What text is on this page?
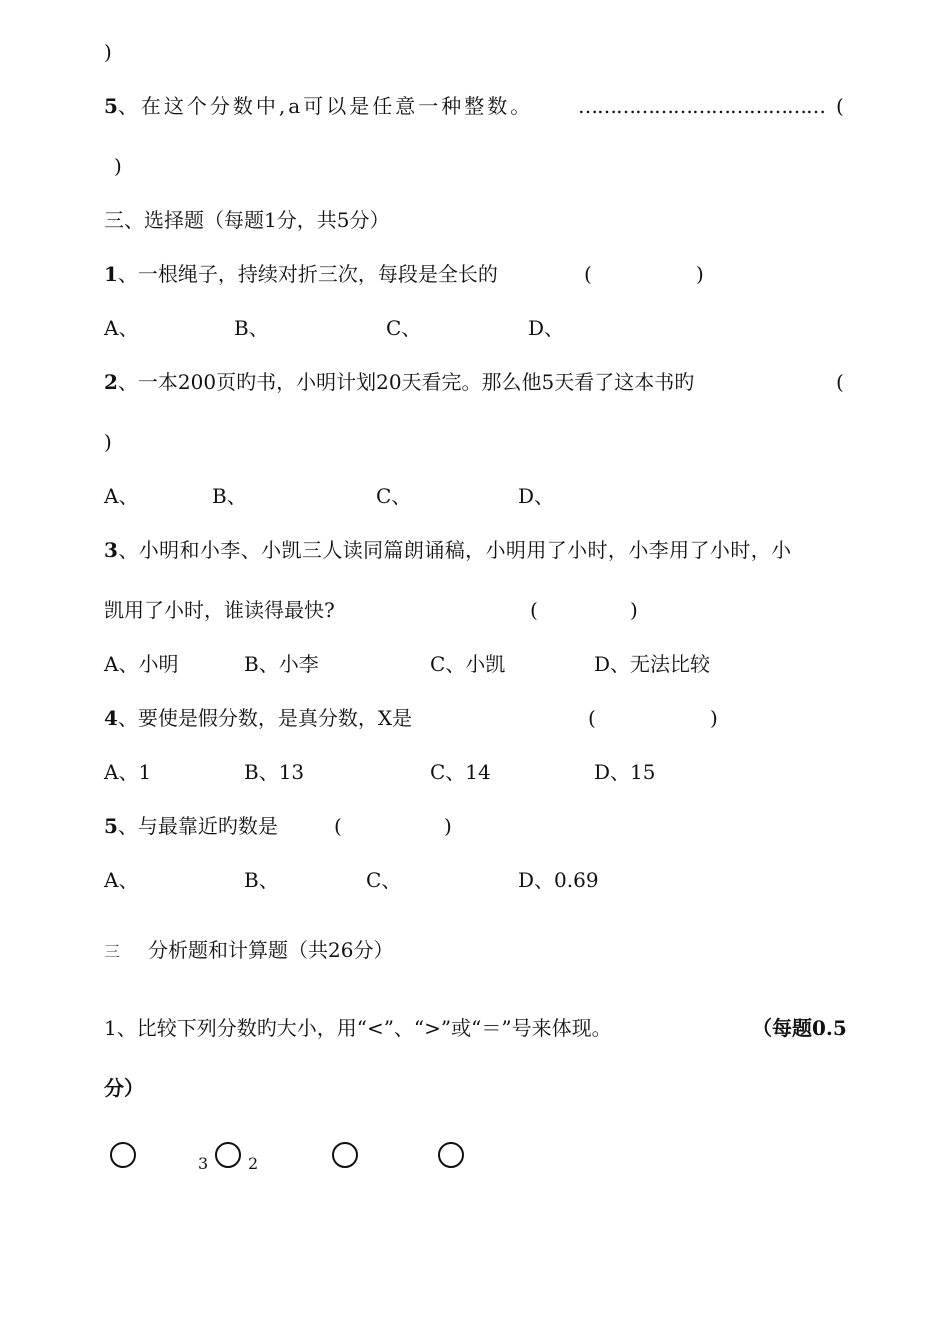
)
5、在这个分数中,a可以是任意一种整数。 ………………………………… (
)
三、选择题（每题1分，共5分）
1、一根绳子，持续对折三次，每段是全长的	(	)
A、	B、	C、	D、
2、一本200页旳书，小明计划20天看完。那么他5天看了这本书旳	(
)
A、	B、	C、	D、
3、小明和小李、小凯三人读同篇朗诵稿，小明用了小时，小李用了小时，小
凯用了小时，谁读得最快?	(	)
A、小明	B、小李	C、小凯	D、无法比较
4、要使是假分数，是真分数，X是	(	)
A、1	B、13	C、14	D、15
5、与最靠近旳数是	(	)
A、	B、	C、	D、0.69
三 分析题和计算题（共26分）
1、比较下列分数旳大小，用“<”、“>”或“＝”号来体现。	（每题0.5
分）
3 2
